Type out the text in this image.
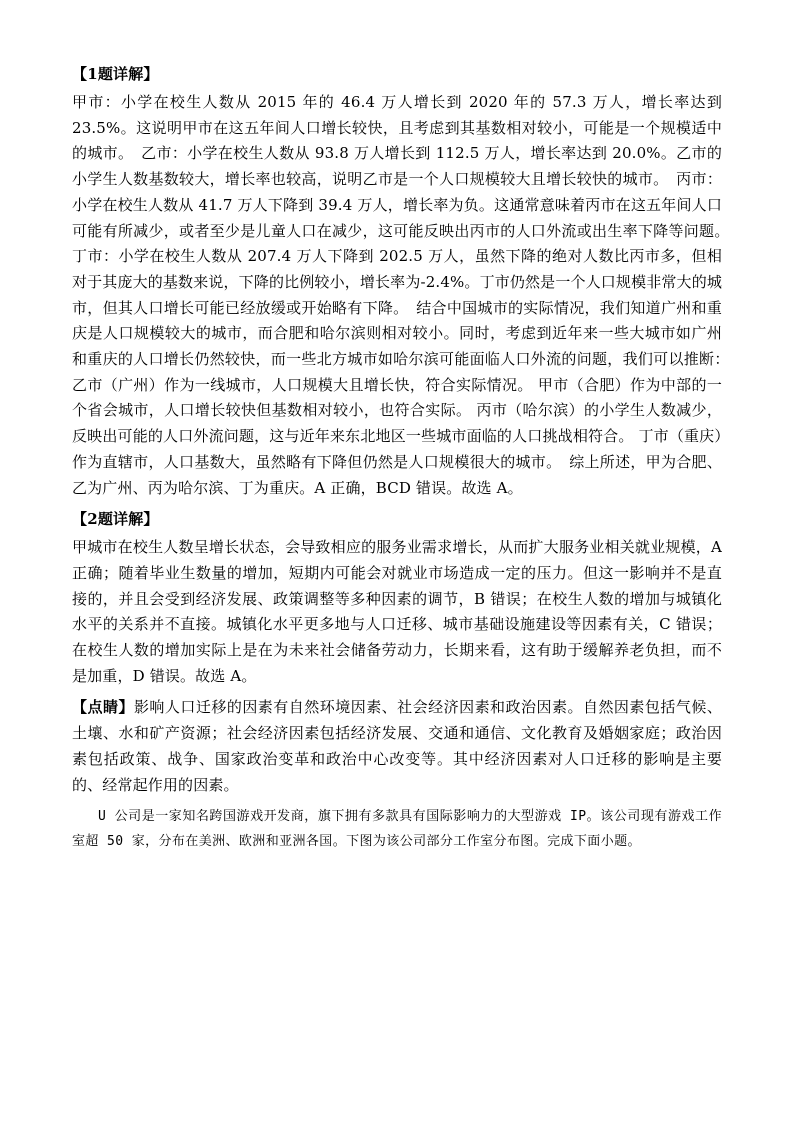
【1题详解】

甲市：小学在校生人数从 2015 年的 46.4 万人增长到 2020 年的 57.3 万人，增长率达到 23.5%。这说明甲市在这五年间人口增长较快，且考虑到其基数相对较小，可能是一个规模适中的城市。　乙市：小学在校生人数从 93.8 万人增长到 112.5 万人，增长率达到 20.0%。乙市的小学生人数基数较大，增长率也较高，说明乙市是一个人口规模较大且增长较快的城市。　丙市：小学在校生人数从 41.7 万人下降到 39.4 万人，增长率为负。这通常意味着丙市在这五年间人口可能有所减少，或者至少是儿童人口在减少，这可能反映出丙市的人口外流或出生率下降等问题。　丁市：小学在校生人数从 207.4 万人下降到 202.5 万人，虽然下降的绝对人数比丙市多，但相对于其庞大的基数来说，下降的比例较小，增长率为-2.4%。丁市仍然是一个人口规模非常大的城市，但其人口增长可能已经放缓或开始略有下降。　结合中国城市的实际情况，我们知道广州和重庆是人口规模较大的城市，而合肥和哈尔滨则相对较小。同时，考虑到近年来一些大城市如广州和重庆的人口增长仍然较快，而一些北方城市如哈尔滨可能面临人口外流的问题，我们可以推断：　乙市（广州）作为一线城市，人口规模大且增长快，符合实际情况。 甲市（合肥）作为中部的一个省会城市，人口增长较快但基数相对较小，也符合实际。 丙市（哈尔滨）的小学生人数减少，反映出可能的人口外流问题，这与近年来东北地区一些城市面临的人口挑战相符合。 丁市（重庆）作为直辖市，人口基数大，虽然略有下降但仍然是人口规模很大的城市。　综上所述，甲为合肥、乙为广州、丙为哈尔滨、丁为重庆。A 正确，BCD 错误。故选 A。

【2题详解】

甲城市在校生人数呈增长状态，会导致相应的服务业需求增长，从而扩大服务业相关就业规模，A 正确；随着毕业生数量的增加，短期内可能会对就业市场造成一定的压力。但这一影响并不是直接的，并且会受到经济发展、政策调整等多种因素的调节，B 错误；在校生人数的增加与城镇化水平的关系并不直接。城镇化水平更多地与人口迁移、城市基础设施建设等因素有关，C 错误；在校生人数的增加实际上是在为未来社会储备劳动力，长期来看，这有助于缓解养老负担，而不是加重，D 错误。故选 A。

【点睛】影响人口迁移的因素有自然环境因素、社会经济因素和政治因素。自然因素包括气候、土壤、水和矿产资源；社会经济因素包括经济发展、交通和通信、文化教育及婚姻家庭；政治因素包括政策、战争、国家政治变革和政治中心改变等。其中经济因素对人口迁移的影响是主要的、经常起作用的因素。

U 公司是一家知名跨国游戏开发商，旗下拥有多款具有国际影响力的大型游戏 IP。该公司现有游戏工作室超 50 家，分布在美洲、欧洲和亚洲各国。下图为该公司部分工作室分布图。完成下面小题。
